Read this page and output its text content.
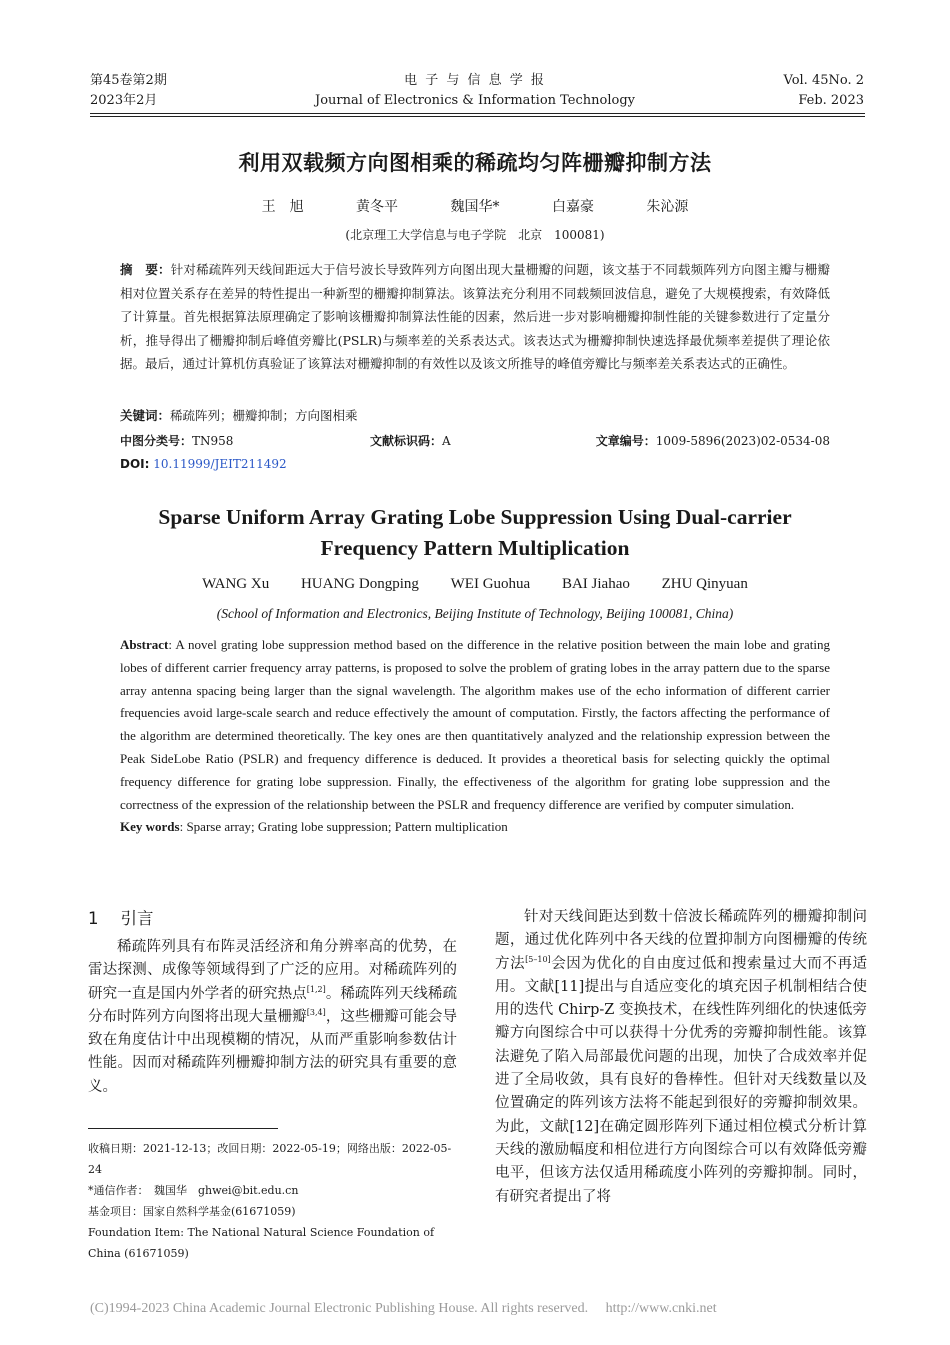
第45卷第2期
2023年2月
电 子 与 信 息 学 报
Journal of Electronics & Information Technology
Vol. 45No. 2
Feb. 2023
利用双载频方向图相乘的稀疏均匀阵栅瓣抑制方法
王　旭	黄冬平	魏国华*	白嘉豪	朱沁源
(北京理工大学信息与电子学院　北京　100081)
摘　要：针对稀疏阵列天线间距远大于信号波长导致阵列方向图出现大量栅瓣的问题，该文基于不同载频阵列方向图主瓣与栅瓣相对位置关系存在差异的特性提出一种新型的栅瓣抑制算法。该算法充分利用不同载频回波信息，避免了大规模搜索，有效降低了计算量。首先根据算法原理确定了影响该栅瓣抑制算法性能的因素，然后进一步对影响栅瓣抑制性能的关键参数进行了定量分析，推导得出了栅瓣抑制后峰值旁瓣比(PSLR)与频率差的关系表达式。该表达式为栅瓣抑制快速选择最优频率差提供了理论依据。最后，通过计算机仿真验证了该算法对栅瓣抑制的有效性以及该文所推导的峰值旁瓣比与频率差关系表达式的正确性。
关键词：稀疏阵列；栅瓣抑制；方向图相乘
中图分类号：TN958	文献标识码：A	文章编号：1009-5896(2023)02-0534-08
DOI: 10.11999/JEIT211492
Sparse Uniform Array Grating Lobe Suppression Using Dual-carrier
Frequency Pattern Multiplication
WANG Xu HUANG Dongping WEI Guohua BAI Jiahao ZHU Qinyuan
(School of Information and Electronics, Beijing Institute of Technology, Beijing 100081, China)
Abstract: A novel grating lobe suppression method based on the difference in the relative position between the main lobe and grating lobes of different carrier frequency array patterns, is proposed to solve the problem of grating lobes in the array pattern due to the sparse array antenna spacing being larger than the signal wavelength. The algorithm makes use of the echo information of different carrier frequencies avoid large-scale search and reduce effectively the amount of computation. Firstly, the factors affecting the performance of the algorithm are determined theoretically. The key ones are then quantitatively analyzed and the relationship expression between the Peak SideLobe Ratio (PSLR) and frequency difference is deduced. It provides a theoretical basis for selecting quickly the optimal frequency difference for grating lobe suppression. Finally, the effectiveness of the algorithm for grating lobe suppression and the correctness of the expression of the relationship between the PSLR and frequency difference are verified by computer simulation.
Key words: Sparse array; Grating lobe suppression; Pattern multiplication
1 引言

稀疏阵列具有布阵灵活经济和角分辨率高的优势，在雷达探测、成像等领域得到了广泛的应用。对稀疏阵列的研究一直是国内外学者的研究热点[1,2]。稀疏阵列天线稀疏分布时阵列方向图将出现大量栅瓣[3,4]，这些栅瓣可能会导致在角度估计中出现模糊的情况，从而严重影响参数估计性能。因而对稀疏阵列栅瓣抑制方法的研究具有重要的意义。

针对天线间距达到数十倍波长稀疏阵列的栅瓣抑制问题，通过优化阵列中各天线的位置抑制方向图栅瓣的传统方法[5–10]会因为优化的自由度过低和搜索量过大而不再适用。文献[11]提出与自适应变化的填充因子机制相结合使用的迭代 Chirp-Z 变换技术，在线性阵列细化的快速低旁瓣方向图综合中可以获得十分优秀的旁瓣抑制性能。该算法避免了陷入局部最优问题的出现，加快了合成效率并促进了全局收敛，具有良好的鲁棒性。但针对天线数量以及位置确定的阵列该方法将不能起到很好的旁瓣抑制效果。为此，文献[12]在确定圆形阵列下通过相位模式分析计算天线的激励幅度和相位进行方向图综合可以有效降低旁瓣电平，但该方法仅适用稀疏度小阵列的旁瓣抑制。同时，有研究者提出了将

收稿日期：2021-12-13；改回日期：2022-05-19；网络出版：2022-05-24
*通信作者：　魏国华　ghwei@bit.edu.cn
基金项目：国家自然科学基金(61671059)
Foundation Item: The National Natural Science Foundation of China (61671059)
(C)1994-2023 China Academic Journal Electronic Publishing House. All rights reserved.　 http://www.cnki.net
